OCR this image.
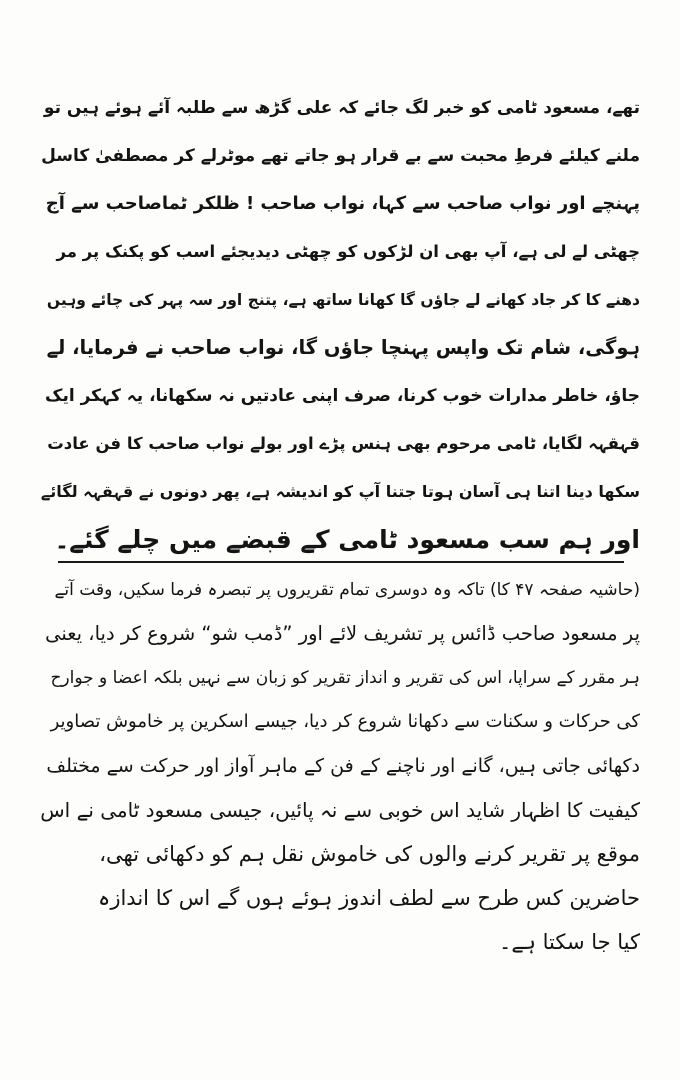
تھے، مسعود ٹامی کو خبر لگ جائے کہ علی گڑھ سے طلبہ آئے ہوئے ہیں تو
ملنے کیلئے فرطِ محبت سے بے قرار ہو جاتے تھے موٹرلے کر مصطفیٰ کاسل
پہنچے اور نواب صاحب سے کہا، نواب صاحب ! ظلکر ٹماصاحب سے آج
چھٹی لے لی ہے، آپ بھی ان لڑکوں کو چھٹی دیدیجئے اسب کو پکنک پر مر
دھنے کا کر جاد کھانے لے جاؤں گا کھانا ساتھ ہے، پتنج اور سہ پہر کی چائے وہیں
ہوگی، شام تک واپس پہنچا جاؤں گا، نواب صاحب نے فرمایا، لے
جاؤ، خاطر مدارات خوب کرنا، صرف اپنی عادتیں نہ سکھانا، یہ کہکر ایک
قہقہہ لگایا، ٹامی مرحوم بھی ہنس پڑے اور بولے نواب صاحب کا فن عادت
سکھا دینا اتنا ہی آسان ہوتا جتنا آپ کو اندیشہ ہے، پھر دونوں نے قہقہہ لگائے
اور ہم سب مسعود ٹامی کے قبضے میں چلے گئے۔
(حاشیہ صفحہ ۴۷ کا) تاکہ وہ دوسری تمام تقریروں پر تبصرہ فرما سکیں، وقت آتے
پر مسعود صاحب ڈائس پر تشریف لائے اور ”ڈمب شو“ شروع کر دیا، یعنی
ہر مقرر کے سراپا، اس کی تقریر و انداز تقریر کو زبان سے نہیں بلکہ اعضا و جوارح
کی حرکات و سکنات سے دکھانا شروع کر دیا، جیسے اسکرین پر خاموش تصاویر
دکھائی جاتی ہیں، گانے اور ناچنے کے فن کے ماہر آواز اور حرکت سے مختلف
کیفیت کا اظہار شاید اس خوبی سے نہ پائیں، جیسی مسعود ٹامی نے اس
موقع پر تقریر کرنے والوں کی خاموش نقل ہم کو دکھائی تھی،
حاضرین کس طرح سے لطف اندوز ہوئے ہوں گے اس کا اندازہ
کیا جا سکتا ہے۔
